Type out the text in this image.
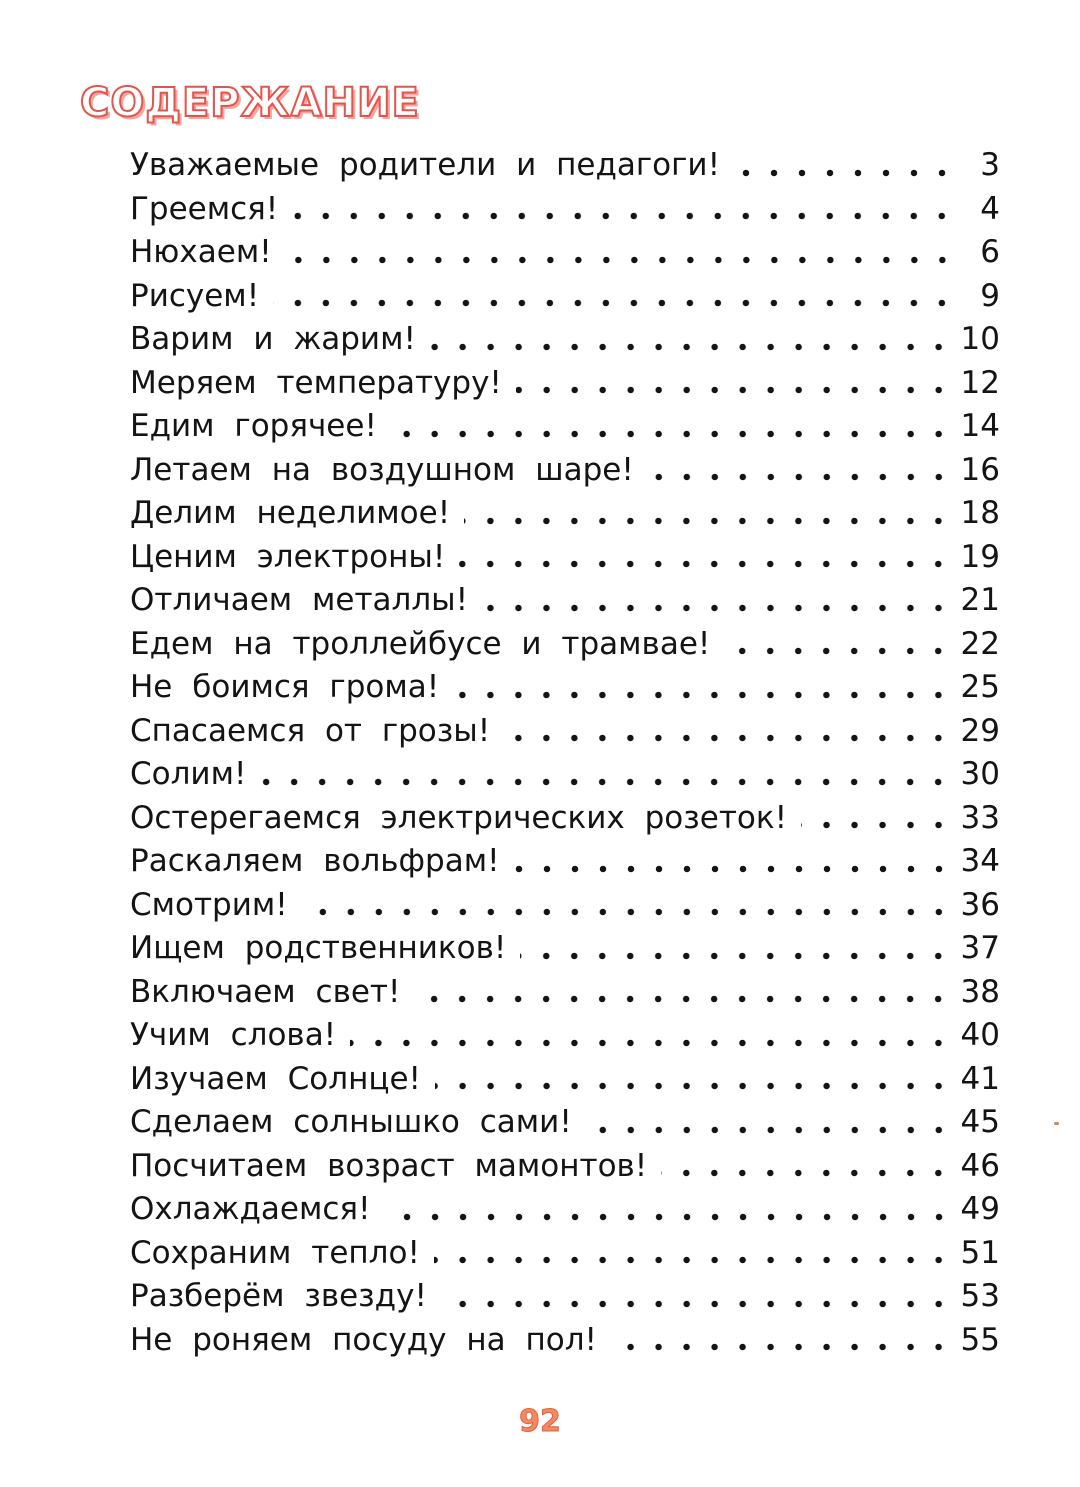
СОДЕРЖАНИЕ
Уважаемые родители и педагоги!	3
Греемся!	4
Нюхаем!	6
Рисуем!	9
Варим и жарим!	10
Меряем температуру!	12
Едим горячее!	14
Летаем на воздушном шаре!	16
Делим неделимое!	18
Ценим электроны!	19
Отличаем металлы!	21
Едем на троллейбусе и трамвае!	22
Не боимся грома!	25
Спасаемся от грозы!	29
Солим!	30
Остерегаемся электрических розеток!	33
Раскаляем вольфрам!	34
Смотрим!	36
Ищем родственников!	37
Включаем свет!	38
Учим слова!	40
Изучаем Солнце!	41
Сделаем солнышко сами!	45
Посчитаем возраст мамонтов!	46
Охлаждаемся!	49
Сохраним тепло!	51
Разберём звезду!	53
Не роняем посуду на пол!	55
92
